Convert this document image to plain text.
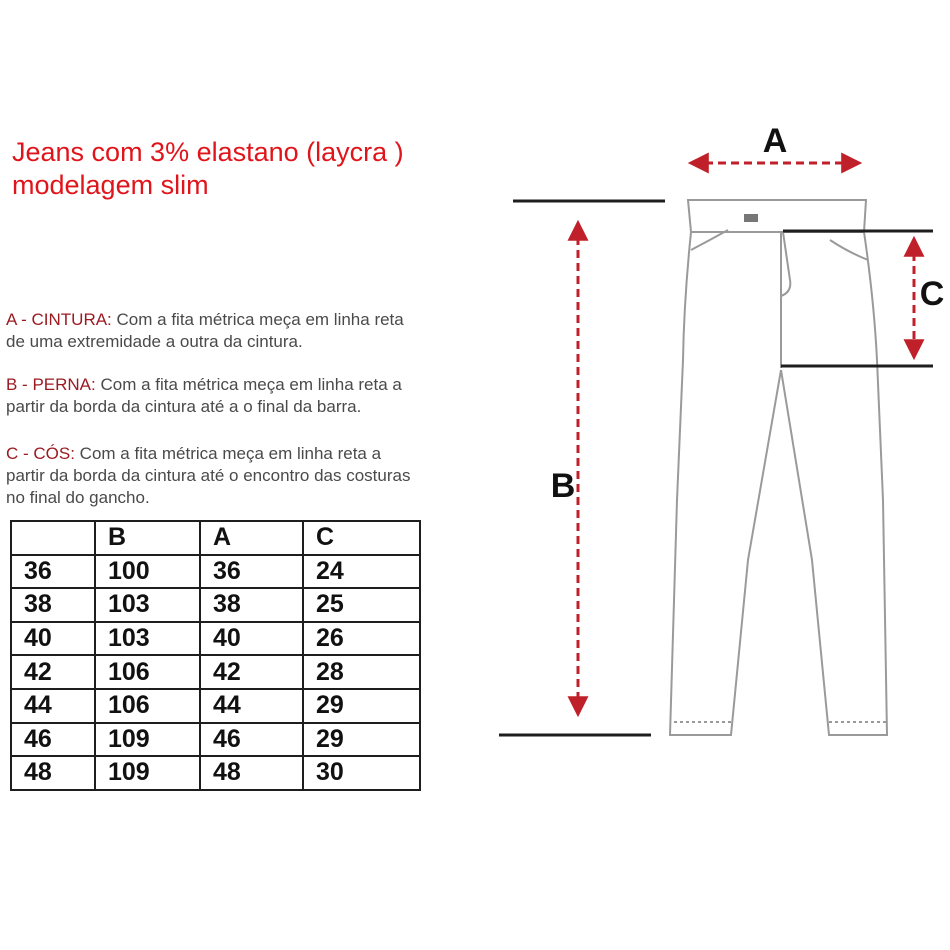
Jeans com 3% elastano (laycra )
modelagem slim
A - CINTURA: Com a fita métrica meça em linha reta
de uma extremidade a outra da cintura.
B - PERNA: Com a fita métrica meça em linha reta a
partir da borda da cintura até a o final da barra.
C - CÓS: Com a fita métrica meça em linha reta a
partir da borda da cintura até o encontro das costuras
no final do gancho.
	B	A	C
36	100	36	24
38	103	38	25
40	103	40	26
42	106	42	28
44	106	44	29
46	109	46	29
48	109	48	30
A
B
C
